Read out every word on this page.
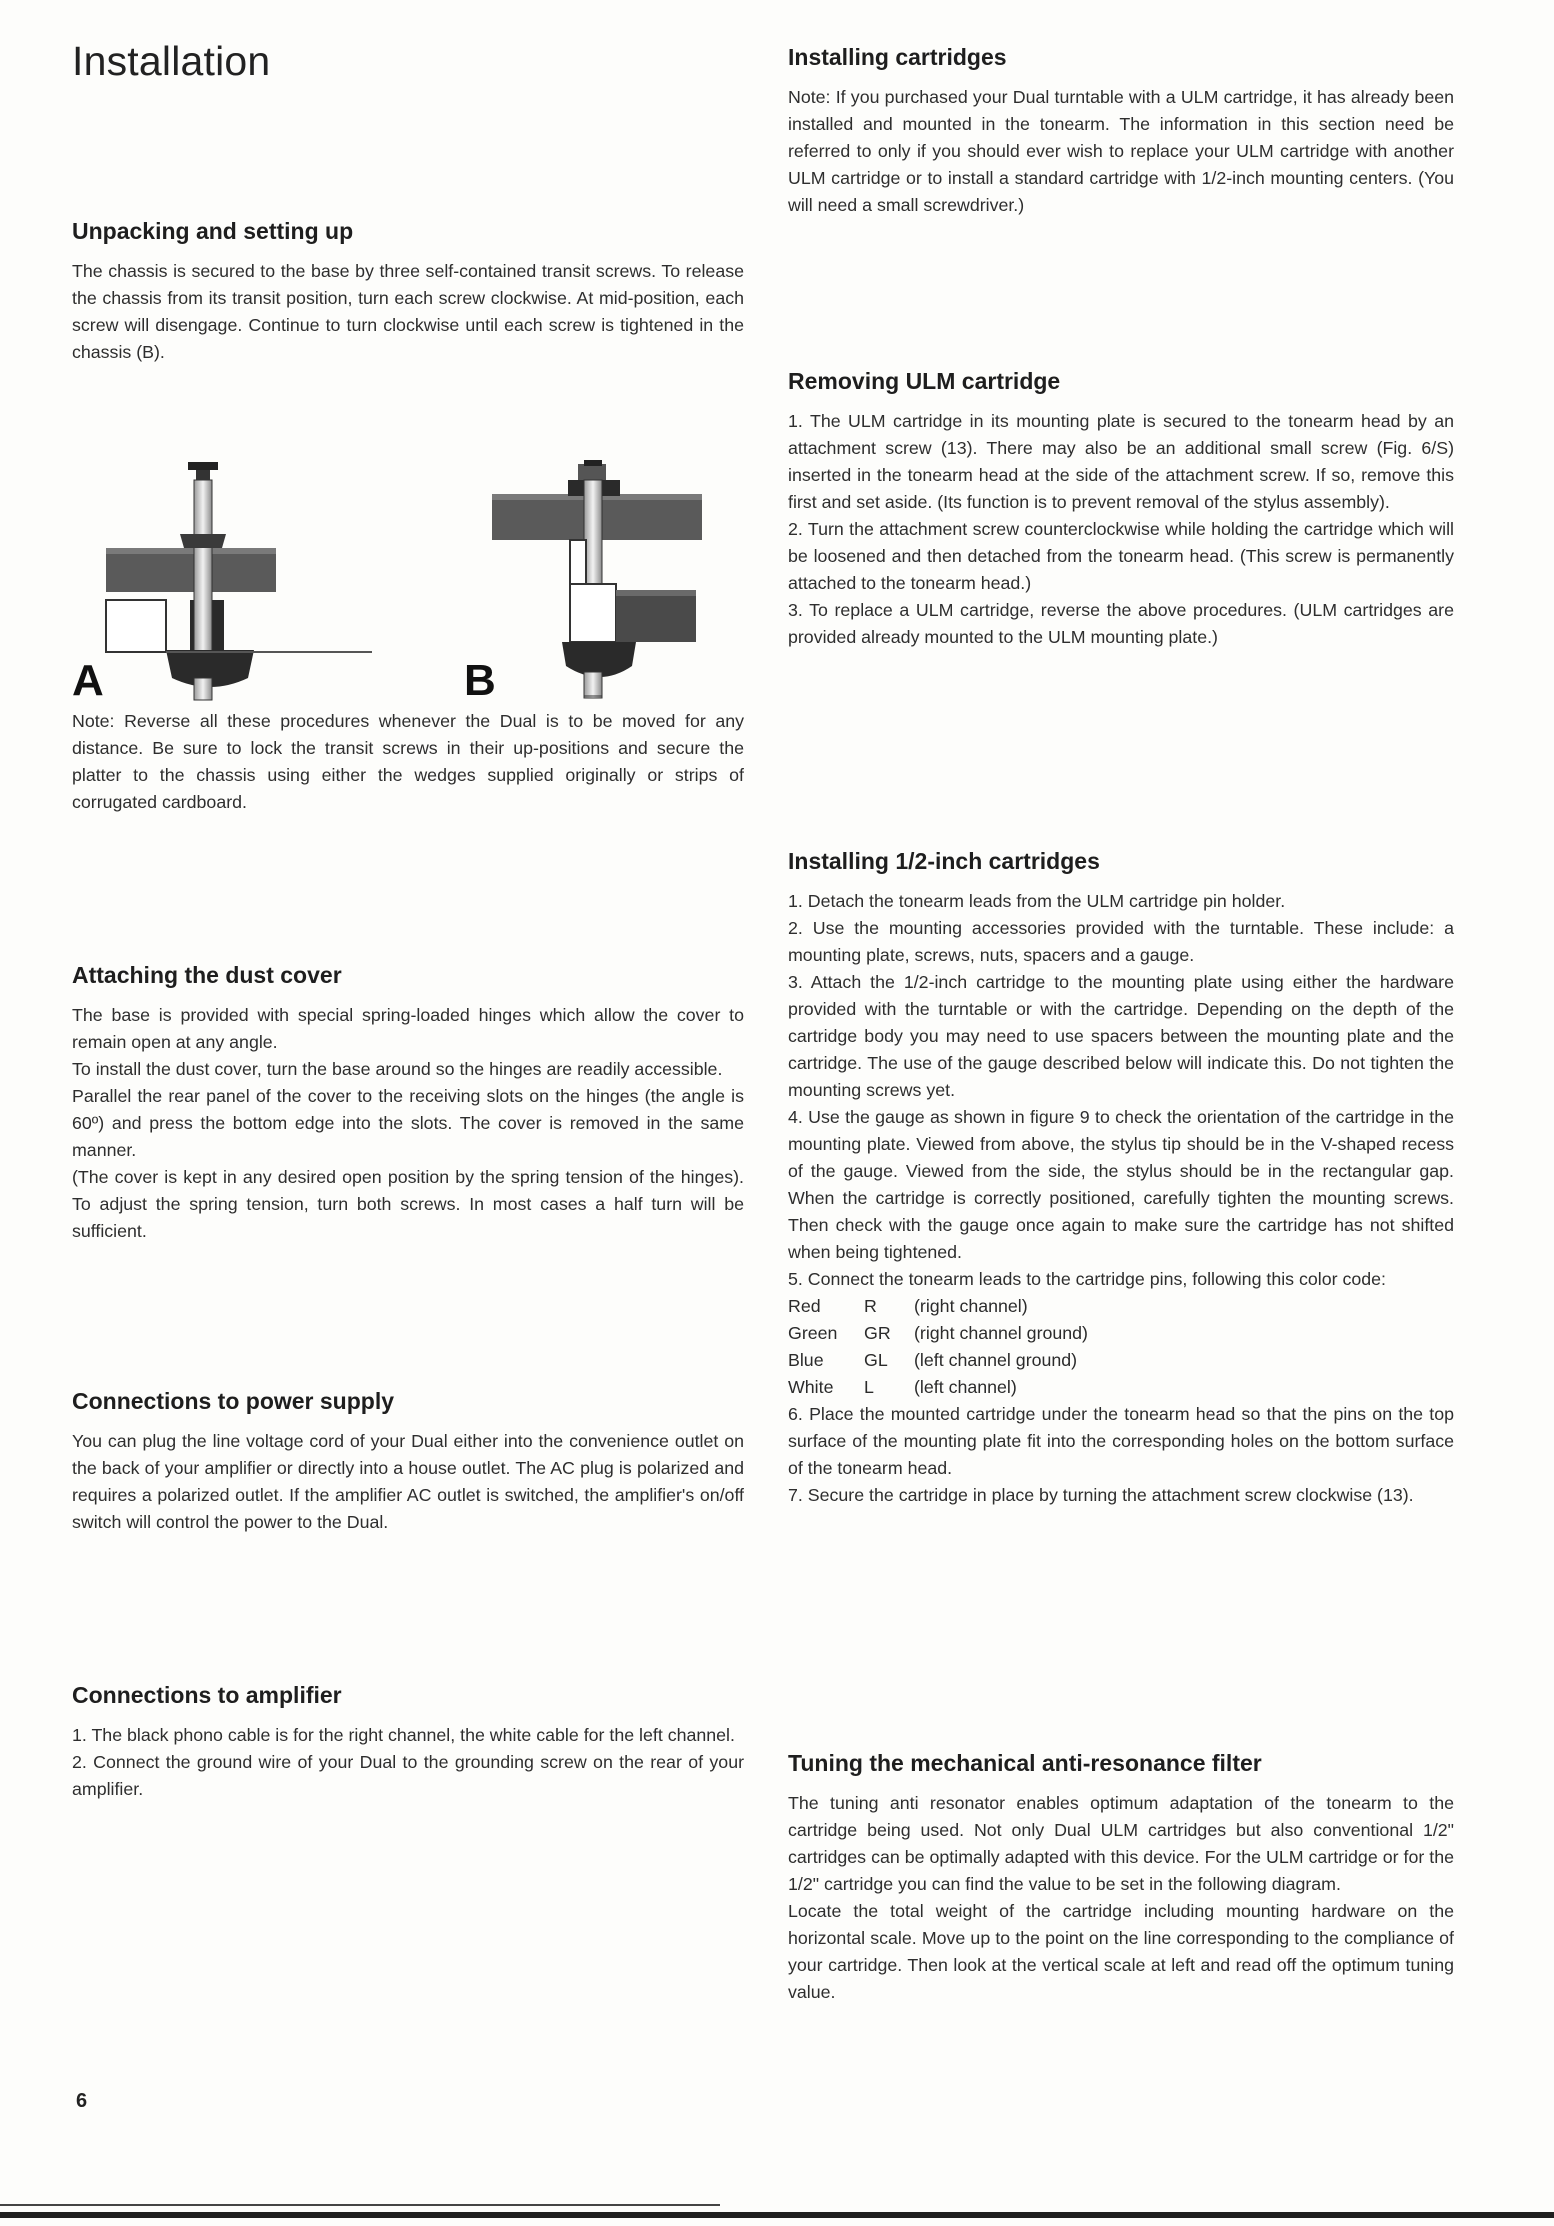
Installation
Unpacking and setting up

The chassis is secured to the base by three self-contained transit screws. To release the chassis from its transit position, turn each screw clockwise. At mid-position, each screw will disengage. Continue to turn clockwise until each screw is tightened in the chassis (B).

A	B

Note: Reverse all these procedures whenever the Dual is to be moved for any distance. Be sure to lock the transit screws in their up-positions and secure the platter to the chassis using either the wedges supplied originally or strips of corrugated cardboard.

Attaching the dust cover

The base is provided with special spring-loaded hinges which allow the cover to remain open at any angle.

To install the dust cover, turn the base around so the hinges are readily accessible.

Parallel the rear panel of the cover to the receiving slots on the hinges (the angle is 60º) and press the bottom edge into the slots. The cover is removed in the same manner.

(The cover is kept in any desired open position by the spring tension of the hinges). To adjust the spring tension, turn both screws. In most cases a half turn will be sufficient.

Connections to power supply

You can plug the line voltage cord of your Dual either into the convenience outlet on the back of your amplifier or directly into a house outlet. The AC plug is polarized and requires a polarized outlet. If the amplifier AC outlet is switched, the amplifier's on/off switch will control the power to the Dual.

Connections to amplifier

1. The black phono cable is for the right channel, the white cable for the left channel.

2. Connect the ground wire of your Dual to the grounding screw on the rear of your amplifier.

Installing cartridges

Note: If you purchased your Dual turntable with a ULM cartridge, it has already been installed and mounted in the tonearm. The information in this section need be referred to only if you should ever wish to replace your ULM cartridge with another ULM cartridge or to install a standard cartridge with 1/2-inch mounting centers. (You will need a small screwdriver.)

Removing ULM cartridge

1. The ULM cartridge in its mounting plate is secured to the tonearm head by an attachment screw (13). There may also be an additional small screw (Fig. 6/S) inserted in the tonearm head at the side of the attachment screw. If so, remove this first and set aside. (Its function is to prevent removal of the stylus assembly).

2. Turn the attachment screw counterclockwise while holding the cartridge which will be loosened and then detached from the tonearm head. (This screw is permanently attached to the tonearm head.)

3. To replace a ULM cartridge, reverse the above procedures. (ULM cartridges are provided already mounted to the ULM mounting plate.)

Installing 1/2-inch cartridges

1. Detach the tonearm leads from the ULM cartridge pin holder.

2. Use the mounting accessories provided with the turntable. These include: a mounting plate, screws, nuts, spacers and a gauge.

3. Attach the 1/2-inch cartridge to the mounting plate using either the hardware provided with the turntable or with the cartridge. Depending on the depth of the cartridge body you may need to use spacers between the mounting plate and the cartridge. The use of the gauge described below will indicate this. Do not tighten the mounting screws yet.

4. Use the gauge as shown in figure 9 to check the orientation of the cartridge in the mounting plate. Viewed from above, the stylus tip should be in the V-shaped recess of the gauge. Viewed from the side, the stylus should be in the rectangular gap. When the cartridge is correctly positioned, carefully tighten the mounting screws. Then check with the gauge once again to make sure the cartridge has not shifted when being tightened.

5. Connect the tonearm leads to the cartridge pins, following this color code:

Red	R	(right channel)
Green	GR	(right channel ground)
Blue	GL	(left channel ground)
White	L	(left channel)

6. Place the mounted cartridge under the tonearm head so that the pins on the top surface of the mounting plate fit into the corresponding holes on the bottom surface of the tonearm head.

7. Secure the cartridge in place by turning the attachment screw clockwise (13).

Tuning the mechanical anti-resonance filter

The tuning anti resonator enables optimum adaptation of the tonearm to the cartridge being used. Not only Dual ULM cartridges but also conventional 1/2" cartridges can be optimally adapted with this device. For the ULM cartridge or for the 1/2" cartridge you can find the value to be set in the following diagram.

Locate the total weight of the cartridge including mounting hardware on the horizontal scale. Move up to the point on the line corresponding to the compliance of your cartridge. Then look at the vertical scale at left and read off the optimum tuning value.

6
